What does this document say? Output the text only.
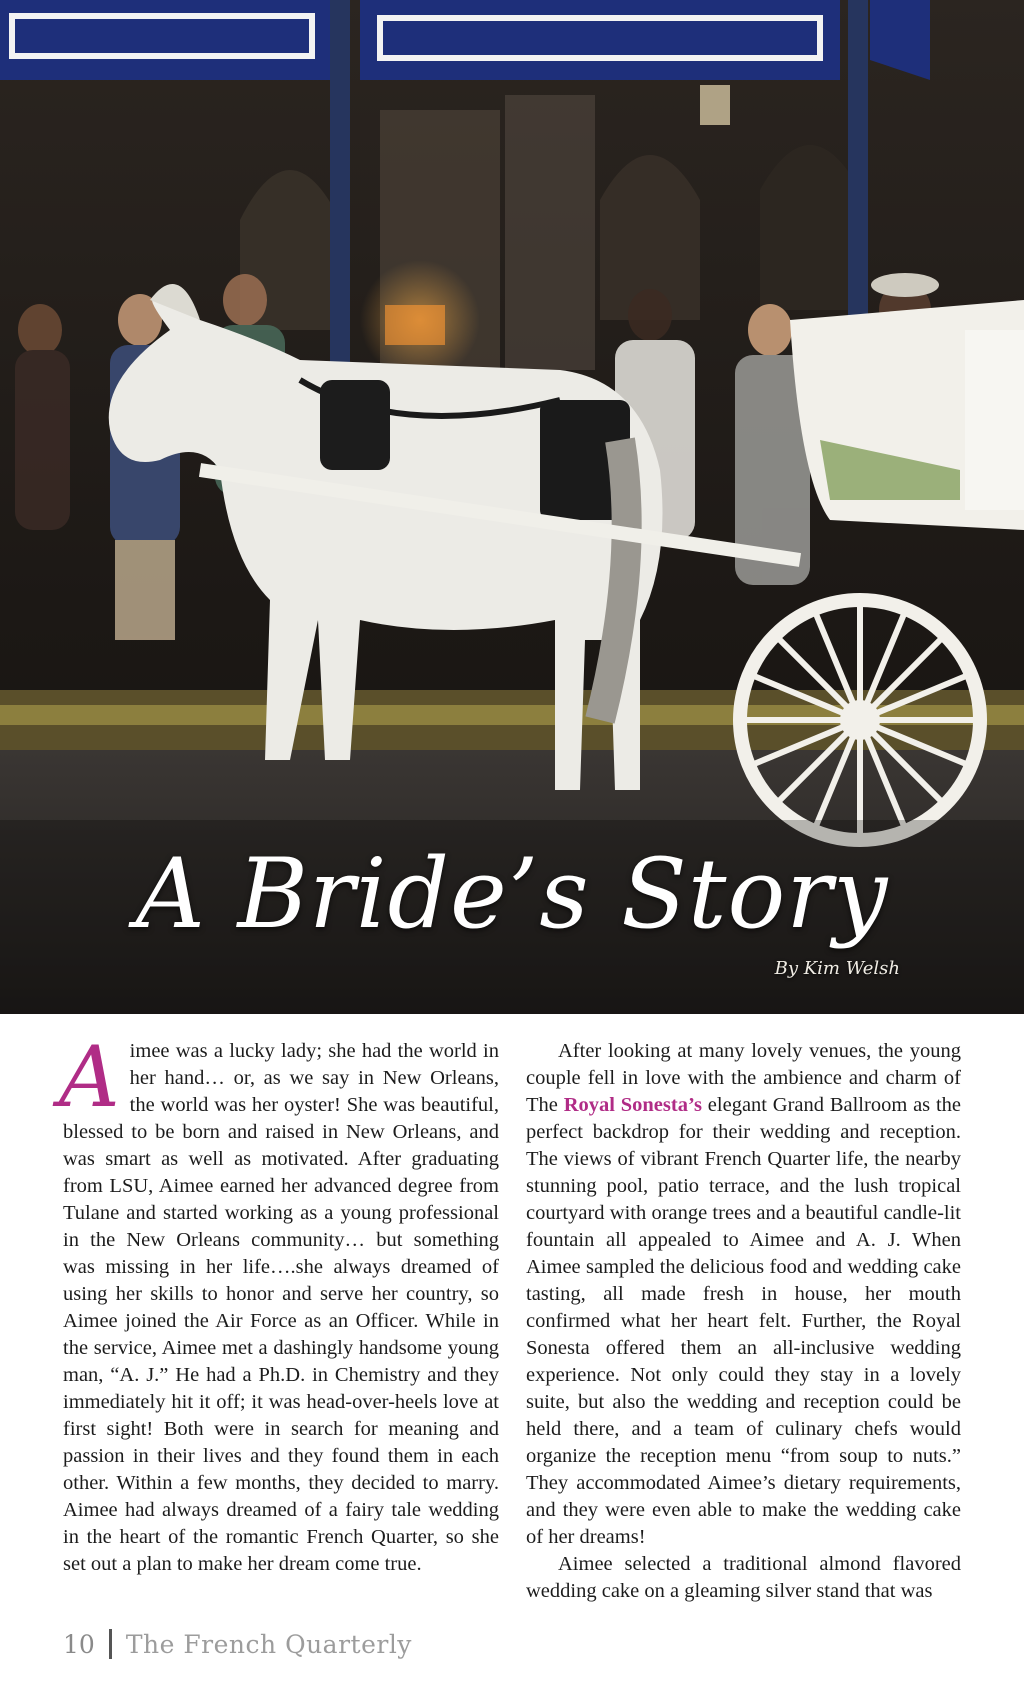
A Bride’s Story
By Kim Welsh

Aimee was a lucky lady; she had the world in her hand… or, as we say in New Orleans, the world was her oyster! She was beautiful, blessed to be born and raised in New Orleans, and was smart as well as motivated. After graduating from LSU, Aimee earned her advanced degree from Tulane and started working as a young professional in the New Orleans community… but something was missing in her life….she always dreamed of using her skills to honor and serve her country, so Aimee joined the Air Force as an Officer. While in the service, Aimee met a dashingly handsome young man, “A. J.” He had a Ph.D. in Chemistry and they immediately hit it off; it was head-over-heels love at first sight! Both were in search for meaning and passion in their lives and they found them in each other. Within a few months, they decided to marry. Aimee had always dreamed of a fairy tale wedding in the heart of the romantic French Quarter, so she set out a plan to make her dream come true.

After looking at many lovely venues, the young couple fell in love with the ambience and charm of The Royal Sonesta’s elegant Grand Ballroom as the perfect backdrop for their wedding and reception. The views of vibrant French Quarter life, the nearby stunning pool, patio terrace, and the lush tropical courtyard with orange trees and a beautiful candle-lit fountain all appealed to Aimee and A. J. When Aimee sampled the delicious food and wedding cake tasting, all made fresh in house, her mouth confirmed what her heart felt. Further, the Royal Sonesta offered them an all-inclusive wedding experience. Not only could they stay in a lovely suite, but also the wedding and reception could be held there, and a team of culinary chefs would organize the reception menu “from soup to nuts.” They accommodated Aimee’s dietary requirements, and they were even able to make the wedding cake of her dreams!

Aimee selected a traditional almond flavored wedding cake on a gleaming silver stand that was

10 The French Quarterly
